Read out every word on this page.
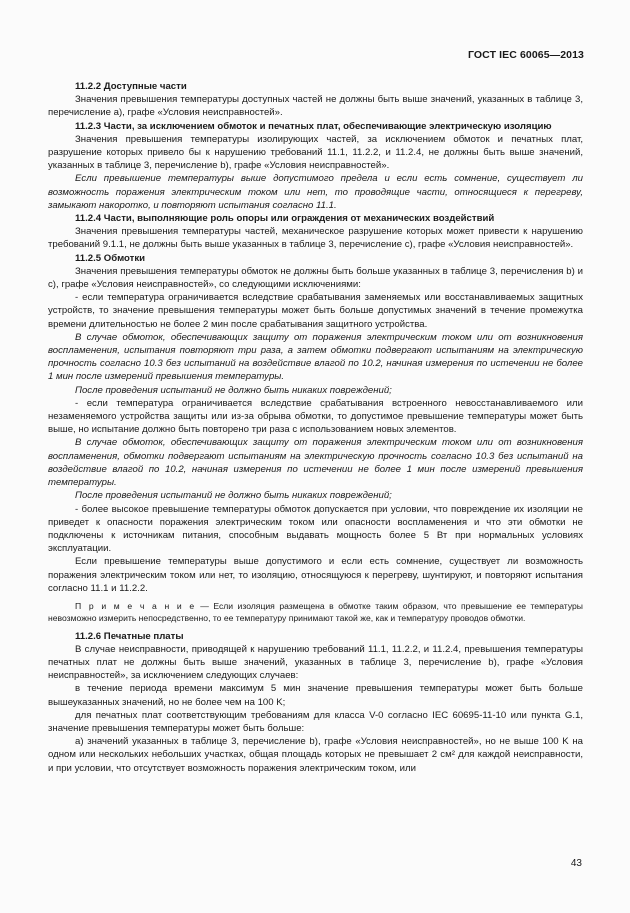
ГОСТ IEC 60065—2013

11.2.2 Доступные части

Значения превышения температуры доступных частей не должны быть выше значений, указанных в таблице 3, перечисление a), графе «Условия неисправностей».

11.2.3 Части, за исключением обмоток и печатных плат, обеспечивающие электрическую изоляцию

Значения превышения температуры изолирующих частей, за исключением обмоток и печатных плат, разрушение которых привело бы к нарушению требований 11.1, 11.2.2, и 11.2.4, не должны быть выше значений, указанных в таблице 3, перечисление b), графе «Условия неисправностей».

Если превышение температуры выше допустимого предела и если есть сомнение, существует ли возможность поражения электрическим током или нет, то проводящие части, относящиеся к перегреву, замыкают накоротко, и повторяют испытания согласно 11.1.

11.2.4 Части, выполняющие роль опоры или ограждения от механических воздействий

Значения превышения температуры частей, механическое разрушение которых может привести к нарушению требований 9.1.1, не должны быть выше указанных в таблице 3, перечисление c), графе «Условия неисправностей».

11.2.5 Обмотки

Значения превышения температуры обмоток не должны быть больше указанных в таблице 3, перечисления b) и c), графе «Условия неисправностей», со следующими исключениями:

- если температура ограничивается вследствие срабатывания заменяемых или восстанавливаемых защитных устройств, то значение превышения температуры может быть больше допустимых значений в течение промежутка времени длительностью не более 2 мин после срабатывания защитного устройства.

В случае обмоток, обеспечивающих защиту от поражения электрическим током или от возникновения воспламенения, испытания повторяют три раза, а затем обмотки подвергают испытаниям на электрическую прочность согласно 10.3 без испытаний на воздействие влагой по 10.2, начиная измерения по истечении не более 1 мин после измерений превышения температуры.

После проведения испытаний не должно быть никаких повреждений;

- если температура ограничивается вследствие срабатывания встроенного невосстанавливаемого или незаменяемого устройства защиты или из-за обрыва обмотки, то допустимое превышение температуры может быть выше, но испытание должно быть повторено три раза с использованием новых элементов.

В случае обмоток, обеспечивающих защиту от поражения электрическим током или от возникновения воспламенения, обмотки подвергают испытаниям на электрическую прочность согласно 10.3 без испытаний на воздействие влагой по 10.2, начиная измерения по истечении не более 1 мин после измерений превышения температуры.

После проведения испытаний не должно быть никаких повреждений;

- более высокое превышение температуры обмоток допускается при условии, что повреждение их изоляции не приведет к опасности поражения электрическим током или опасности воспламенения и что эти обмотки не подключены к источникам питания, способным выдавать мощность более 5 Вт при нормальных условиях эксплуатации.

Если превышение температуры выше допустимого и если есть сомнение, существует ли возможность поражения электрическим током или нет, то изоляцию, относящуюся к перегреву, шунтируют, и повторяют испытания согласно 11.1 и 11.2.2.

П р и м е ч а н и е — Если изоляция размещена в обмотке таким образом, что превышение ее температуры невозможно измерить непосредственно, то ее температуру принимают такой же, как и температуру проводов обмотки.

11.2.6 Печатные платы

В случае неисправности, приводящей к нарушению требований 11.1, 11.2.2, и 11.2.4, превышения температуры печатных плат не должны быть выше значений, указанных в таблице 3, перечисление b), графе «Условия неисправностей», за исключением следующих случаев:

в течение периода времени максимум 5 мин значение превышения температуры может быть больше вышеуказанных значений, но не более чем на 100 K;

для печатных плат соответствующим требованиям для класса V-0 согласно IEC 60695-11-10 или пункта G.1, значение превышения температуры может быть больше:

a) значений указанных в таблице 3, перечисление b), графе «Условия неисправностей», но не выше 100 K на одном или нескольких небольших участках, общая площадь которых не превышает 2 см² для каждой неисправности, и при условии, что отсутствует возможность поражения электрическим током, или

43
